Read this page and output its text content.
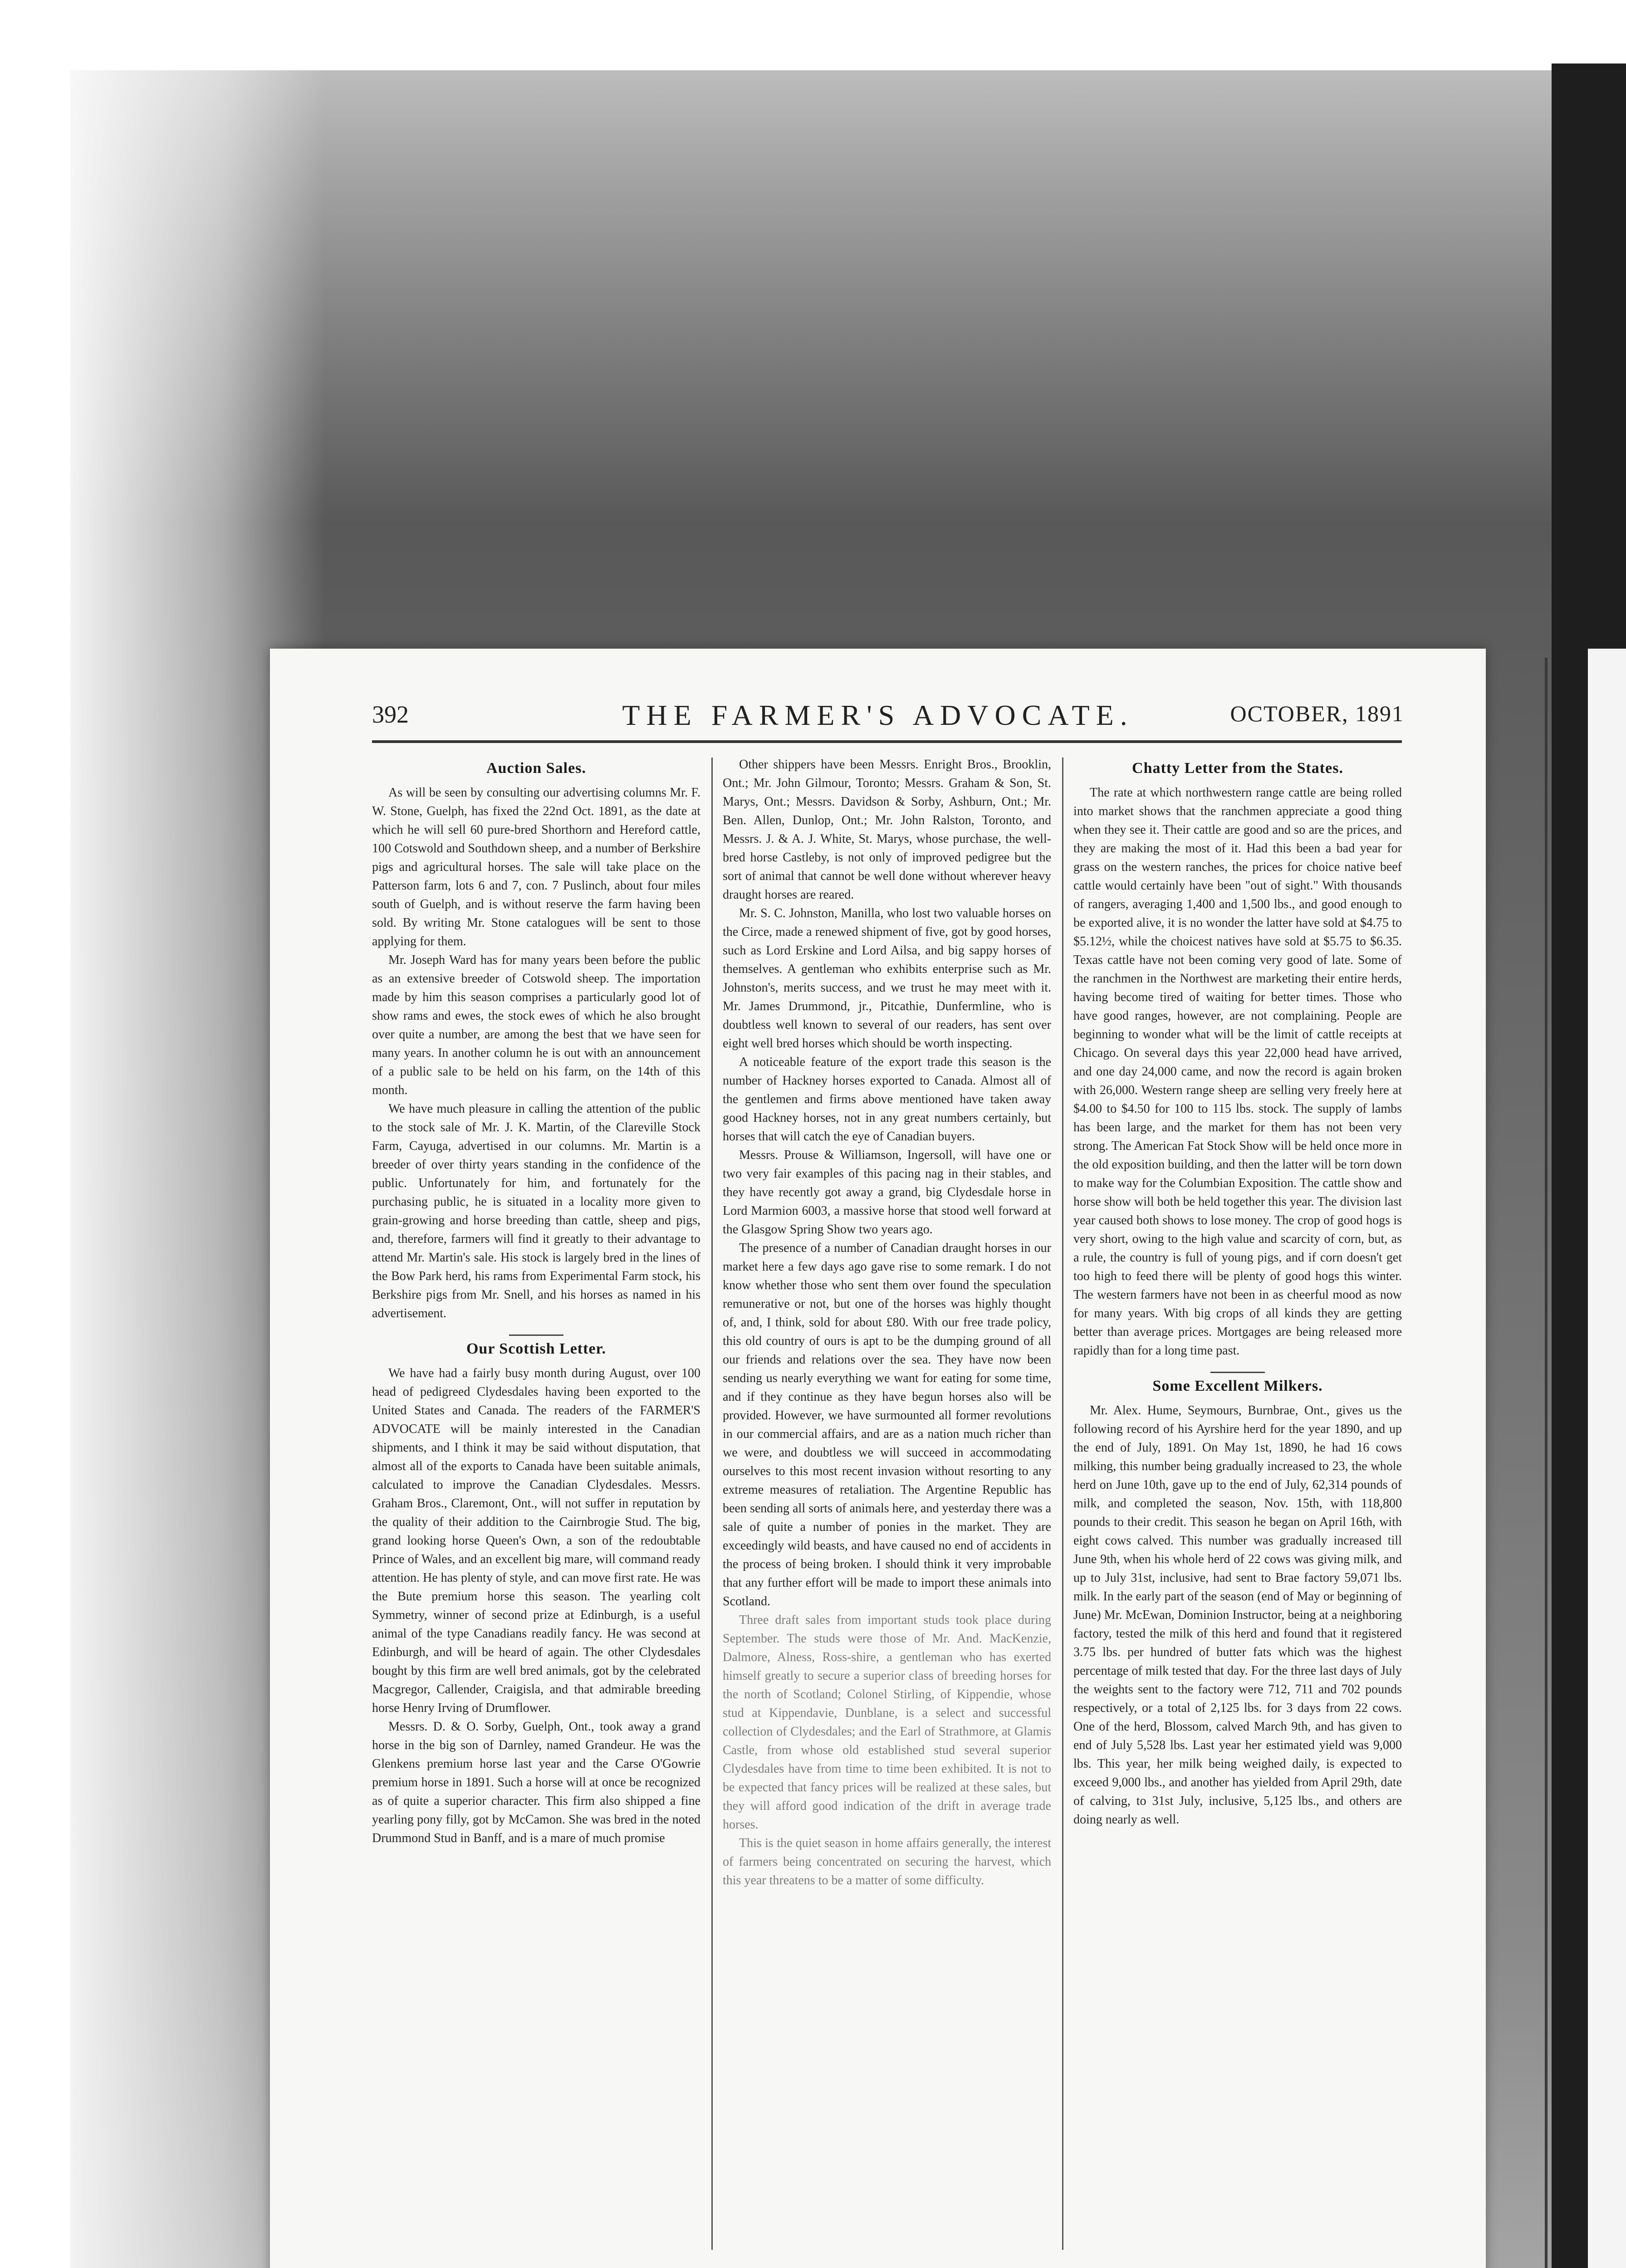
THE FARMER'S ADVOCATE.
392	OCTOBER, 1891
Auction Sales.

As will be seen by consulting our advertising columns Mr. F. W. Stone, Guelph, has fixed the 22nd Oct. 1891, as the date at which he will sell 60 pure-bred Shorthorn and Hereford cattle, 100 Cotswold and Southdown sheep, and a number of Berkshire pigs and agricultural horses. The sale will take place on the Patterson farm, lots 6 and 7, con. 7 Puslinch, about four miles south of Guelph, and is without reserve the farm having been sold. By writing Mr. Stone catalogues will be sent to those applying for them.

Mr. Joseph Ward has for many years been before the public as an extensive breeder of Cotswold sheep. The importation made by him this season comprises a particularly good lot of show rams and ewes, the stock ewes of which he also brought over quite a number, are among the best that we have seen for many years. In another column he is out with an announcement of a public sale to be held on his farm, on the 14th of this month.

We have much pleasure in calling the attention of the public to the stock sale of Mr. J. K. Martin, of the Clareville Stock Farm, Cayuga, advertised in our columns. Mr. Martin is a breeder of over thirty years standing in the confidence of the public. Unfortunately for him, and fortunately for the purchasing public, he is situated in a locality more given to grain-growing and horse breeding than cattle, sheep and pigs, and, therefore, farmers will find it greatly to their advantage to attend Mr. Martin's sale. His stock is largely bred in the lines of the Bow Park herd, his rams from Experimental Farm stock, his Berkshire pigs from Mr. Snell, and his horses as named in his advertisement.

Our Scottish Letter.

We have had a fairly busy month during August, over 100 head of pedigreed Clydesdales having been exported to the United States and Canada. The readers of the FARMER'S ADVOCATE will be mainly interested in the Canadian shipments, and I think it may be said without disputation, that almost all of the exports to Canada have been suitable animals, calculated to improve the Canadian Clydesdales. Messrs. Graham Bros., Claremont, Ont., will not suffer in reputation by the quality of their addition to the Cairnbrogie Stud. The big, grand looking horse Queen's Own, a son of the redoubtable Prince of Wales, and an excellent big mare, will command ready attention. He has plenty of style, and can move first rate. He was the Bute premium horse this season. The yearling colt Symmetry, winner of second prize at Edinburgh, is a useful animal of the type Canadians readily fancy. He was second at Edinburgh, and will be heard of again. The other Clydesdales bought by this firm are well bred animals, got by the celebrated Macgregor, Callender, Craigisla, and that admirable breeding horse Henry Irving of Drumflower.

Messrs. D. & O. Sorby, Guelph, Ont., took away a grand horse in the big son of Darnley, named Grandeur. He was the Glenkens premium horse last year and the Carse O'Gowrie premium horse in 1891. Such a horse will at once be recognized as of quite a superior character. This firm also shipped a fine yearling pony filly, got by McCamon. She was bred in the noted Drummond Stud in Banff, and is a mare of much promise

Other shippers have been Messrs. Enright Bros., Brooklin, Ont.; Mr. John Gilmour, Toronto; Messrs. Graham & Son, St. Marys, Ont.; Messrs. Davidson & Sorby, Ashburn, Ont.; Mr. Ben. Allen, Dunlop, Ont.; Mr. John Ralston, Toronto, and Messrs. J. & A. J. White, St. Marys, whose purchase, the well-bred horse Castleby, is not only of improved pedigree but the sort of animal that cannot be well done without wherever heavy draught horses are reared.

Mr. S. C. Johnston, Manilla, who lost two valuable horses on the Circe, made a renewed shipment of five, got by good horses, such as Lord Erskine and Lord Ailsa, and big sappy horses of themselves. A gentleman who exhibits enterprise such as Mr. Johnston's, merits success, and we trust he may meet with it. Mr. James Drummond, jr., Pitcathie, Dunfermline, who is doubtless well known to several of our readers, has sent over eight well bred horses which should be worth inspecting.

A noticeable feature of the export trade this season is the number of Hackney horses exported to Canada. Almost all of the gentlemen and firms above mentioned have taken away good Hackney horses, not in any great numbers certainly, but horses that will catch the eye of Canadian buyers.

Messrs. Prouse & Williamson, Ingersoll, will have one or two very fair examples of this pacing nag in their stables, and they have recently got away a grand, big Clydesdale horse in Lord Marmion 6003, a massive horse that stood well forward at the Glasgow Spring Show two years ago.

The presence of a number of Canadian draught horses in our market here a few days ago gave rise to some remark. I do not know whether those who sent them over found the speculation remunerative or not, but one of the horses was highly thought of, and, I think, sold for about £80. With our free trade policy, this old country of ours is apt to be the dumping ground of all our friends and relations over the sea. They have now been sending us nearly everything we want for eating for some time, and if they continue as they have begun horses also will be provided. However, we have surmounted all former revolutions in our commercial affairs, and are as a nation much richer than we were, and doubtless we will succeed in accommodating ourselves to this most recent invasion without resorting to any extreme measures of retaliation. The Argentine Republic has been sending all sorts of animals here, and yesterday there was a sale of quite a number of ponies in the market. They are exceedingly wild beasts, and have caused no end of accidents in the process of being broken. I should think it very improbable that any further effort will be made to import these animals into Scotland.

Three draft sales from important studs took place during September. The studs were those of Mr. And. MacKenzie, Dalmore, Alness, Ross-shire, a gentleman who has exerted himself greatly to secure a superior class of breeding horses for the north of Scotland; Colonel Stirling, of Kippendie, whose stud at Kippendavie, Dunblane, is a select and successful collection of Clydesdales; and the Earl of Strathmore, at Glamis Castle, from whose old established stud several superior Clydesdales have from time to time been exhibited. It is not to be expected that fancy prices will be realized at these sales, but they will afford good indication of the drift in average trade horses.

This is the quiet season in home affairs generally, the interest of farmers being concentrated on securing the harvest, which this year threatens to be a matter of some difficulty.

Chatty Letter from the States.

The rate at which northwestern range cattle are being rolled into market shows that the ranchmen appreciate a good thing when they see it. Their cattle are good and so are the prices, and they are making the most of it. Had this been a bad year for grass on the western ranches, the prices for choice native beef cattle would certainly have been "out of sight." With thousands of rangers, averaging 1,400 and 1,500 lbs., and good enough to be exported alive, it is no wonder the latter have sold at $4.75 to $5.12½, while the choicest natives have sold at $5.75 to $6.35. Texas cattle have not been coming very good of late. Some of the ranchmen in the Northwest are marketing their entire herds, having become tired of waiting for better times. Those who have good ranges, however, are not complaining. People are beginning to wonder what will be the limit of cattle receipts at Chicago. On several days this year 22,000 head have arrived, and one day 24,000 came, and now the record is again broken with 26,000. Western range sheep are selling very freely here at $4.00 to $4.50 for 100 to 115 lbs. stock. The supply of lambs has been large, and the market for them has not been very strong. The American Fat Stock Show will be held once more in the old exposition building, and then the latter will be torn down to make way for the Columbian Exposition. The cattle show and horse show will both be held together this year. The division last year caused both shows to lose money. The crop of good hogs is very short, owing to the high value and scarcity of corn, but, as a rule, the country is full of young pigs, and if corn doesn't get too high to feed there will be plenty of good hogs this winter. The western farmers have not been in as cheerful mood as now for many years. With big crops of all kinds they are getting better than average prices. Mortgages are being released more rapidly than for a long time past.

Some Excellent Milkers.

Mr. Alex. Hume, Seymours, Burnbrae, Ont., gives us the following record of his Ayrshire herd for the year 1890, and up the end of July, 1891. On May 1st, 1890, he had 16 cows milking, this number being gradually increased to 23, the whole herd on June 10th, gave up to the end of July, 62,314 pounds of milk, and completed the season, Nov. 15th, with 118,800 pounds to their credit. This season he began on April 16th, with eight cows calved. This number was gradually increased till June 9th, when his whole herd of 22 cows was giving milk, and up to July 31st, inclusive, had sent to Brae factory 59,071 lbs. milk. In the early part of the season (end of May or beginning of June) Mr. McEwan, Dominion Instructor, being at a neighboring factory, tested the milk of this herd and found that it registered 3.75 lbs. per hundred of butter fats which was the highest percentage of milk tested that day. For the three last days of July the weights sent to the factory were 712, 711 and 702 pounds respectively, or a total of 2,125 lbs. for 3 days from 22 cows. One of the herd, Blossom, calved March 9th, and has given to end of July 5,528 lbs. Last year her estimated yield was 9,000 lbs. This year, her milk being weighed daily, is expected to exceed 9,000 lbs., and another has yielded from April 29th, date of calving, to 31st July, inclusive, 5,125 lbs., and others are doing nearly as well.
